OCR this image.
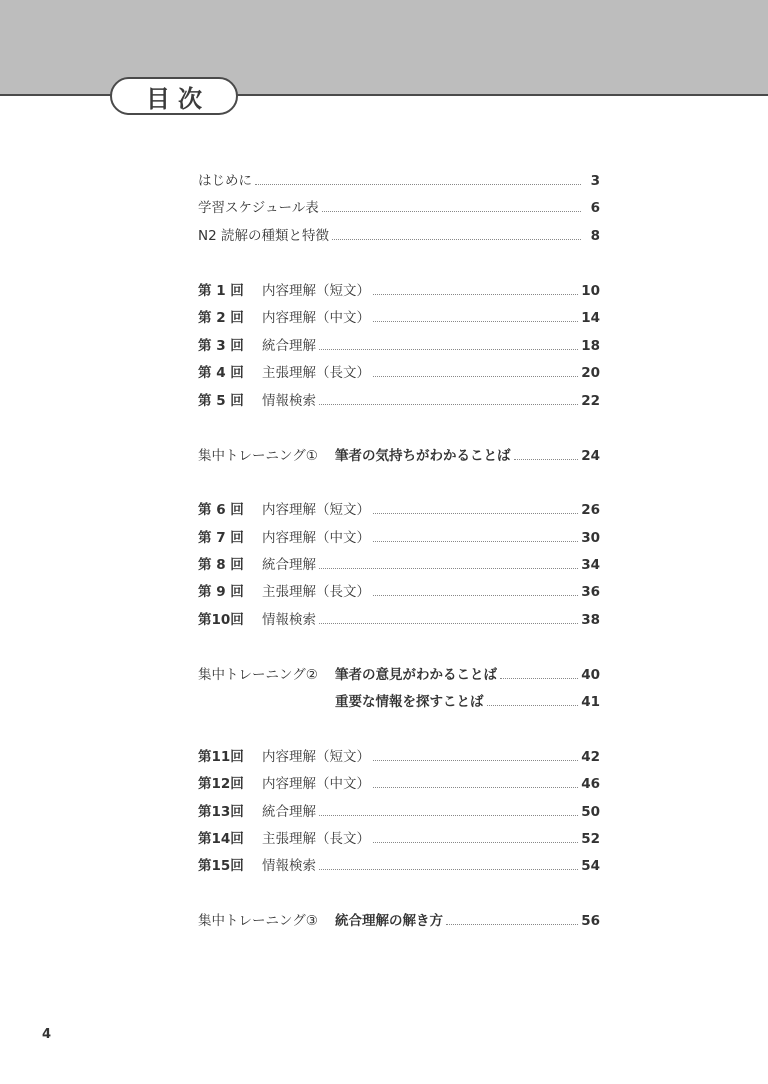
目次
はじめに	3
学習スケジュール表	6
N2 読解の種類と特徴	8
第 1 回	内容理解（短文）	10
第 2 回	内容理解（中文）	14
第 3 回	統合理解	18
第 4 回	主張理解（長文）	20
第 5 回	情報検索	22
集中トレーニング①	筆者の気持ちがわかることば	24
第 6 回	内容理解（短文）	26
第 7 回	内容理解（中文）	30
第 8 回	統合理解	34
第 9 回	主張理解（長文）	36
第10回	情報検索	38
集中トレーニング②	筆者の意見がわかることば	40
重要な情報を探すことば	41
第11回	内容理解（短文）	42
第12回	内容理解（中文）	46
第13回	統合理解	50
第14回	主張理解（長文）	52
第15回	情報検索	54
集中トレーニング③	統合理解の解き方	56
4
